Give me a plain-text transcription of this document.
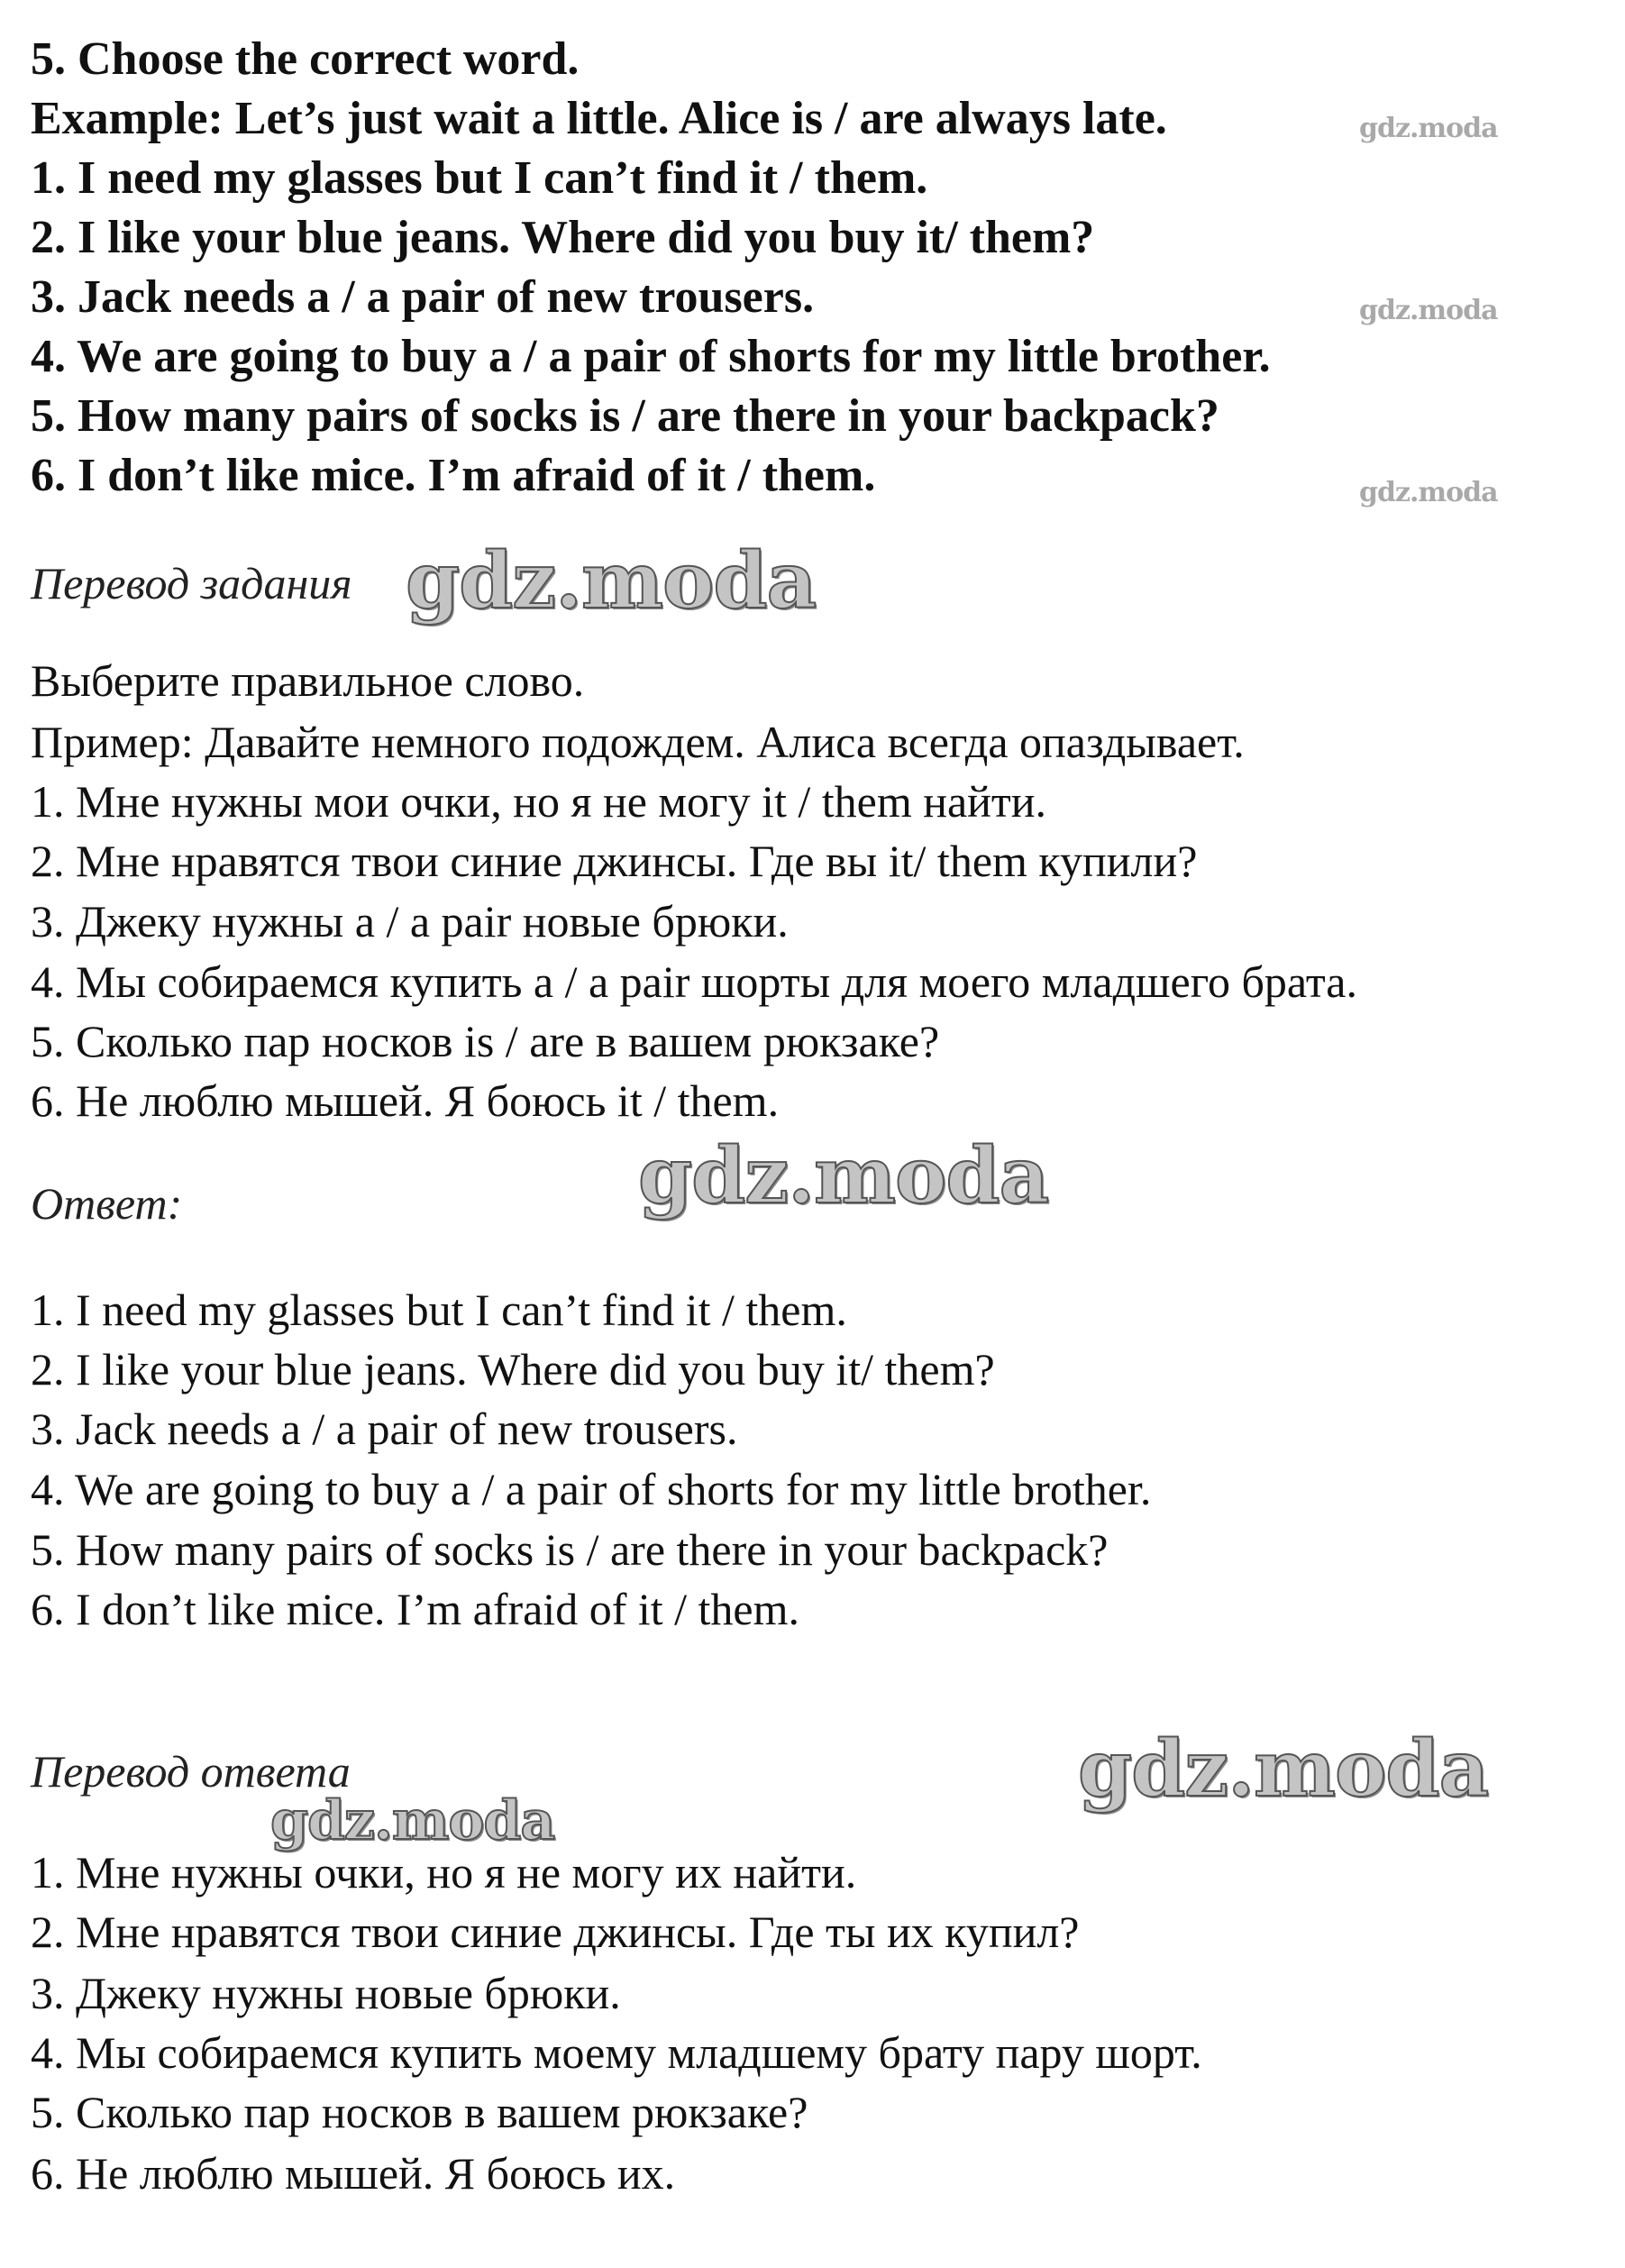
5. Choose the correct word.
Example: Let’s just wait a little. Alice is / are always late.
1. I need my glasses but I can’t find it / them.
2. I like your blue jeans. Where did you buy it/ them?
3. Jack needs a / a pair of new trousers.
4. We are going to buy a / a pair of shorts for my little brother.
5. How many pairs of socks is / are there in your backpack?
6. I don’t like mice. I’m afraid of it / them.
Перевод задания
Выберите правильное слово.
Пример: Давайте немного подождем. Алиса всегда опаздывает.
1. Мне нужны мои очки, но я не могу it / them найти.
2. Мне нравятся твои синие джинсы. Где вы it/ them купили?
3. Джеку нужны a / a pair новые брюки.
4. Мы собираемся купить a / a pair шорты для моего младшего брата.
5. Сколько пар носков is / are в вашем рюкзаке?
6. Не люблю мышей. Я боюсь it / them.
Ответ:
1. I need my glasses but I can’t find it / them.
2. I like your blue jeans. Where did you buy it/ them?
3. Jack needs a / a pair of new trousers.
4. We are going to buy a / a pair of shorts for my little brother.
5. How many pairs of socks is / are there in your backpack?
6. I don’t like mice. I’m afraid of it / them.
Перевод ответа
1. Мне нужны очки, но я не могу их найти.
2. Мне нравятся твои синие джинсы. Где ты их купил?
3. Джеку нужны новые брюки.
4. Мы собираемся купить моему младшему брату пару шорт.
5. Сколько пар носков в вашем рюкзаке?
6. Не люблю мышей. Я боюсь их.
gdz.moda
gdz.moda
gdz.moda
gdz.moda
gdz.moda
gdz.moda
gdz.moda
